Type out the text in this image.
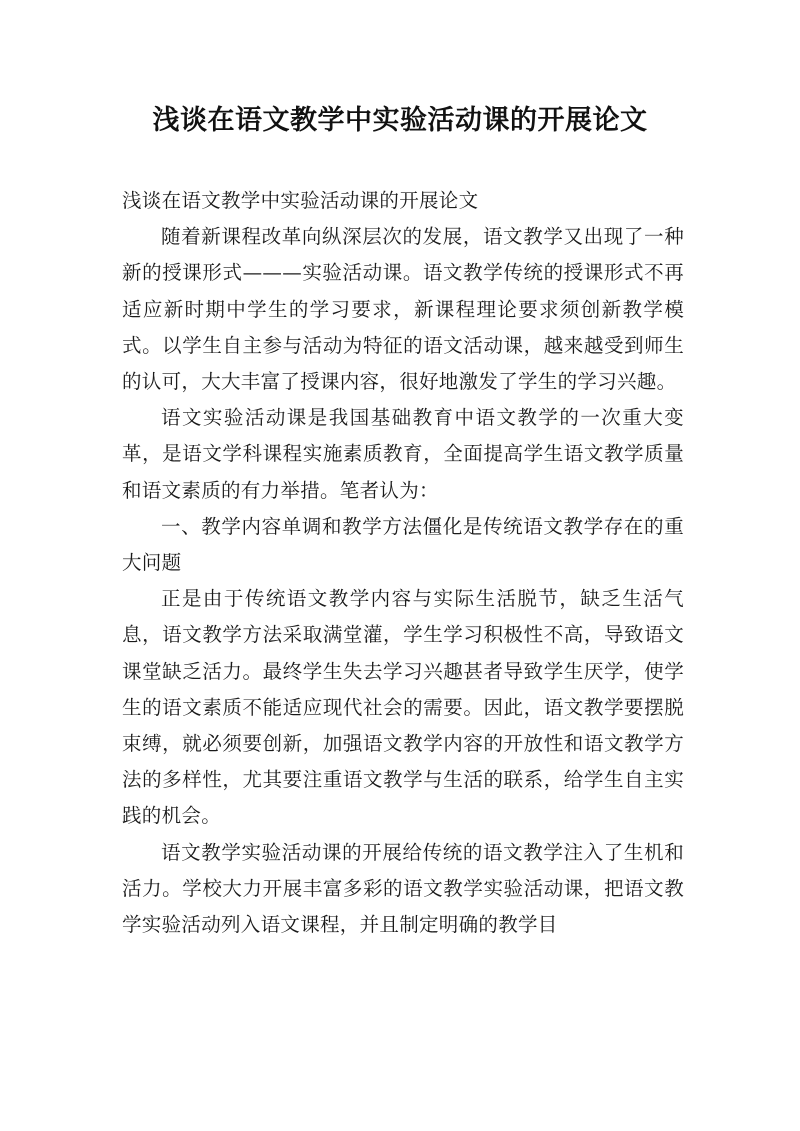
浅谈在语文教学中实验活动课的开展论文

浅谈在语文教学中实验活动课的开展论文

随着新课程改革向纵深层次的发展，语文教学又出现了一种新的授课形式———实验活动课。语文教学传统的授课形式不再适应新时期中学生的学习要求，新课程理论要求须创新教学模式。以学生自主参与活动为特征的语文活动课，越来越受到师生的认可，大大丰富了授课内容，很好地激发了学生的学习兴趣。

语文实验活动课是我国基础教育中语文教学的一次重大变革，是语文学科课程实施素质教育，全面提高学生语文教学质量和语文素质的有力举措。笔者认为：

一、教学内容单调和教学方法僵化是传统语文教学存在的重大问题

正是由于传统语文教学内容与实际生活脱节，缺乏生活气息，语文教学方法采取满堂灌，学生学习积极性不高，导致语文课堂缺乏活力。最终学生失去学习兴趣甚者导致学生厌学，使学生的语文素质不能适应现代社会的需要。因此，语文教学要摆脱束缚，就必须要创新，加强语文教学内容的开放性和语文教学方法的多样性，尤其要注重语文教学与生活的联系，给学生自主实践的机会。

语文教学实验活动课的开展给传统的语文教学注入了生机和活力。学校大力开展丰富多彩的语文教学实验活动课，把语文教学实验活动列入语文课程，并且制定明确的教学目
